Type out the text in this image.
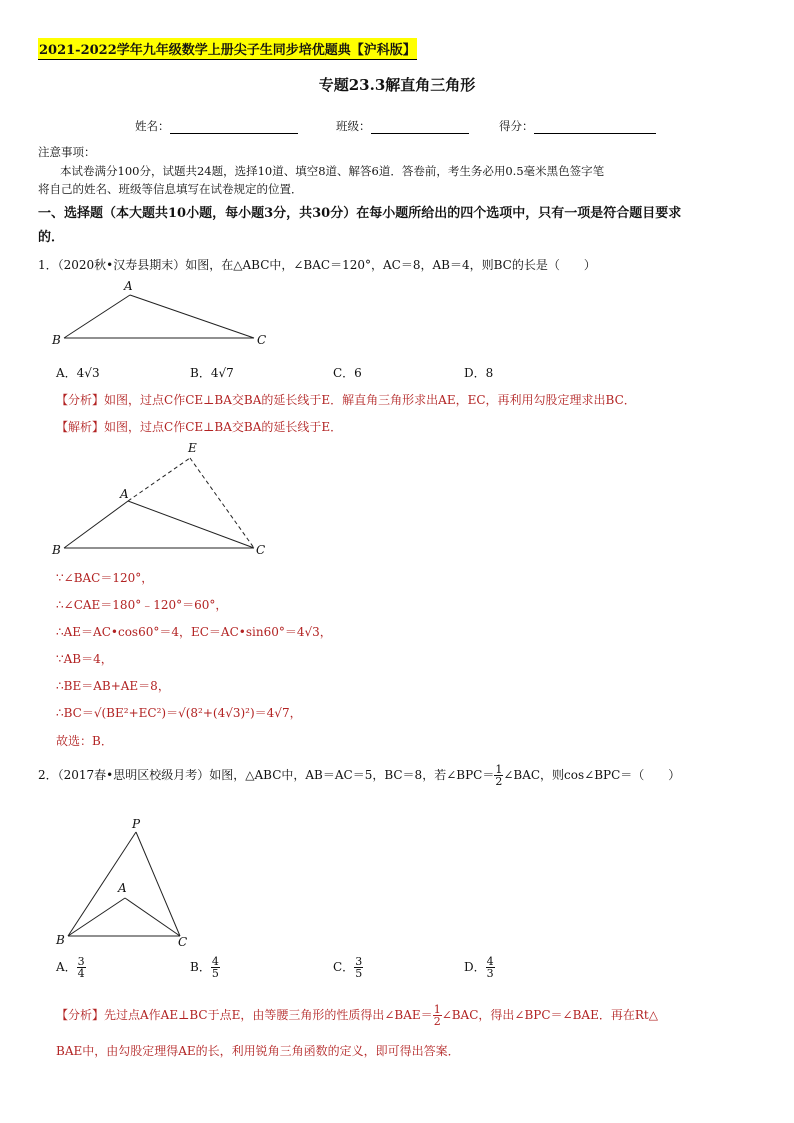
2021-2022学年九年级数学上册尖子生同步培优题典【沪科版】
专题23.3解直角三角形
姓名：	班级：	得分：
注意事项：
本试卷满分100分，试题共24题，选择10道、填空8道、解答6道．答卷前，考生务必用0.5毫米黑色签字笔
将自己的姓名、班级等信息填写在试卷规定的位置．
一、选择题（本大题共10小题，每小题3分，共30分）在每小题所给出的四个选项中，只有一项是符合题目要求
的．
1．（2020秋•汉寿县期末）如图，在△ABC中，∠BAC＝120°，AC＝8，AB＝4，则BC的长是（　　）
A
B	C
A．4√3	B．4√7	C．6	D．8
【分析】如图，过点C作CE⊥BA交BA的延长线于E．解直角三角形求出AE，EC，再利用勾股定理求出BC．
【解析】如图，过点C作CE⊥BA交BA的延长线于E．
E
A
B	C
∵∠BAC＝120°，
∴∠CAE＝180°﹣120°＝60°，
∴AE＝AC•cos60°＝4，EC＝AC•sin60°＝4√3，
∵AB＝4，
∴BE＝AB+AE＝8，
∴BC＝√(BE²+EC²)＝√(8²+(4√3)²)＝4√7，
故选：B．
2．（2017春•思明区校级月考）如图，△ABC中，AB＝AC＝5，BC＝8，若∠BPC＝ $\frac{1}{2}$ ∠BAC，则cos∠BPC＝（　　）
P
A
B	C
A． $\frac{3}{4}$	B． $\frac{4}{5}$	C． $\frac{3}{5}$	D． $\frac{4}{3}$
【分析】先过点A作AE⊥BC于点E，由等腰三角形的性质得出∠BAE＝ $\frac{1}{2}$ ∠BAC，得出∠BPC＝∠BAE．再在Rt△
BAE中，由勾股定理得AE的长，利用锐角三角函数的定义，即可得出答案．
